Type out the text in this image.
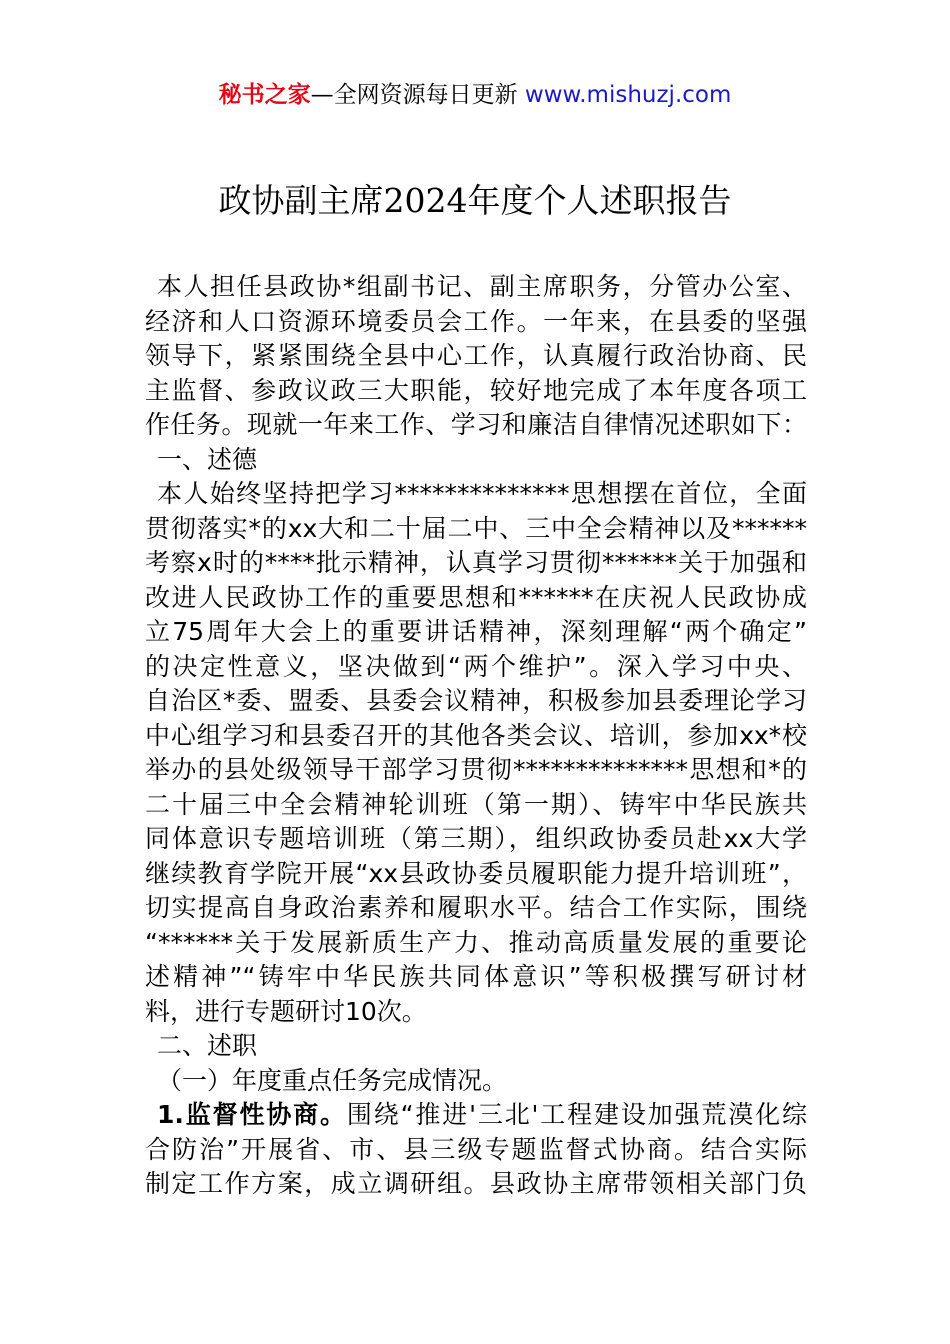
秘书之家—全网资源每日更新 www.mishuzj.com
政协副主席2024年度个人述职报告
本人担任县政协*组副书记、副主席职务，分管办公室、
经济和人口资源环境委员会工作。一年来，在县委的坚强
领导下，紧紧围绕全县中心工作，认真履行政治协商、民
主监督、参政议政三大职能，较好地完成了本年度各项工
作任务。现就一年来工作、学习和廉洁自律情况述职如下：
一、述德
本人始终坚持把学习**************思想摆在首位，全面
贯彻落实*的xx大和二十届二中、三中全会精神以及******
考察x时的****批示精神，认真学习贯彻******关于加强和
改进人民政协工作的重要思想和******在庆祝人民政协成
立75周年大会上的重要讲话精神，深刻理解“两个确定”
的决定性意义，坚决做到“两个维护”。深入学习中央、
自治区*委、盟委、县委会议精神，积极参加县委理论学习
中心组学习和县委召开的其他各类会议、培训，参加xx*校
举办的县处级领导干部学习贯彻**************思想和*的
二十届三中全会精神轮训班（第一期）、铸牢中华民族共
同体意识专题培训班（第三期），组织政协委员赴xx大学
继续教育学院开展“xx县政协委员履职能力提升培训班”，
切实提高自身政治素养和履职水平。结合工作实际，围绕
“******关于发展新质生产力、推动高质量发展的重要论
述精神”“铸牢中华民族共同体意识”等积极撰写研讨材
料，进行专题研讨10次。
二、述职
（一）年度重点任务完成情况。
1.监督性协商。围绕“推进'三北'工程建设加强荒漠化综
合防治”开展省、市、县三级专题监督式协商。结合实际
制定工作方案，成立调研组。县政协主席带领相关部门负
